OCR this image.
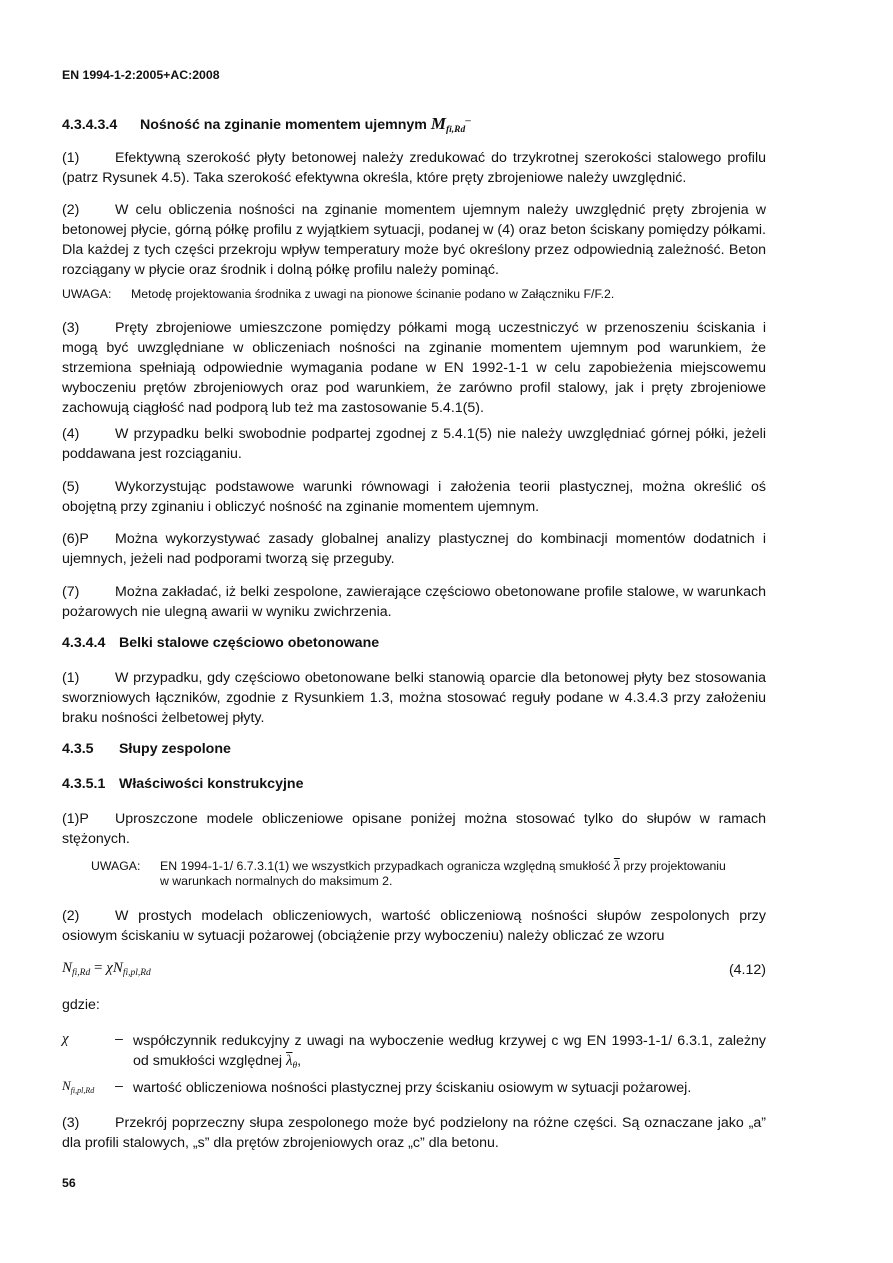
EN 1994-1-2:2005+AC:2008
4.3.4.3.4 Nośność na zginanie momentem ujemnym $M_{fi,Rd}^-$
(1)	Efektywną szerokość płyty betonowej należy zredukować do trzykrotnej szerokości stalowego profilu (patrz Rysunek 4.5). Taka szerokość efektywna określa, które pręty zbrojeniowe należy uwzględnić.
(2)	W celu obliczenia nośności na zginanie momentem ujemnym należy uwzględnić pręty zbrojenia w betonowej płycie, górną półkę profilu z wyjątkiem sytuacji, podanej w (4) oraz beton ściskany pomiędzy półkami. Dla każdej z tych części przekroju wpływ temperatury może być określony przez odpowiednią zależność. Beton rozciągany w płycie oraz środnik i dolną półkę profilu należy pominąć.
UWAGA: Metodę projektowania środnika z uwagi na pionowe ścinanie podano w Załączniku F/F.2.
(3)	Pręty zbrojeniowe umieszczone pomiędzy półkami mogą uczestniczyć w przenoszeniu ściskania i mogą być uwzględniane w obliczeniach nośności na zginanie momentem ujemnym pod warunkiem, że strzemiona spełniają odpowiednie wymagania podane w EN 1992-1-1 w celu zapobieżenia miejscowemu wyboczeniu prętów zbrojeniowych oraz pod warunkiem, że zarówno profil stalowy, jak i pręty zbrojeniowe zachowują ciągłość nad podporą lub też ma zastosowanie 5.4.1(5).
(4)	W przypadku belki swobodnie podpartej zgodnej z 5.4.1(5) nie należy uwzględniać górnej półki, jeżeli poddawana jest rozciąganiu.
(5)	Wykorzystując podstawowe warunki równowagi i założenia teorii plastycznej, można określić oś obojętną przy zginaniu i obliczyć nośność na zginanie momentem ujemnym.
(6)P Można wykorzystywać zasady globalnej analizy plastycznej do kombinacji momentów dodatnich i ujemnych, jeżeli nad podporami tworzą się przeguby.
(7)	Można zakładać, iż belki zespolone, zawierające częściowo obetonowane profile stalowe, w warunkach pożarowych nie ulegną awarii w wyniku zwichrzenia.
4.3.4.4 Belki stalowe częściowo obetonowane
(1)	W przypadku, gdy częściowo obetonowane belki stanowią oparcie dla betonowej płyty bez stosowania sworzniowych łączników, zgodnie z Rysunkiem 1.3, można stosować reguły podane w 4.3.4.3 przy założeniu braku nośności żelbetowej płyty.
4.3.5 Słupy zespolone
4.3.5.1 Właściwości konstrukcyjne
(1)P Uproszczone modele obliczeniowe opisane poniżej można stosować tylko do słupów w ramach stężonych.
UWAGA: EN 1994-1-1/ 6.7.3.1(1) we wszystkich przypadkach ogranicza względną smukłość $\overline{\lambda}$ przy projektowaniu
w warunkach normalnych do maksimum 2.
(2)	W prostych modelach obliczeniowych, wartość obliczeniową nośności słupów zespolonych przy osiowym ściskaniu w sytuacji pożarowej (obciążenie przy wyboczeniu) należy obliczać ze wzoru
$N_{fi,Rd} = \chi N_{fi,pl,Rd}$	(4.12)
gdzie:
χ	– współczynnik redukcyjny z uwagi na wyboczenie według krzywej c wg EN 1993-1-1/ 6.3.1, zależny od smukłości względnej $\overline{\lambda}_\theta$,
$N_{fi,pl,Rd}$ – wartość obliczeniowa nośności plastycznej przy ściskaniu osiowym w sytuacji pożarowej.
(3)	Przekrój poprzeczny słupa zespolonego może być podzielony na różne części. Są oznaczane jako „a” dla profili stalowych, „s” dla prętów zbrojeniowych oraz „c” dla betonu.
56
